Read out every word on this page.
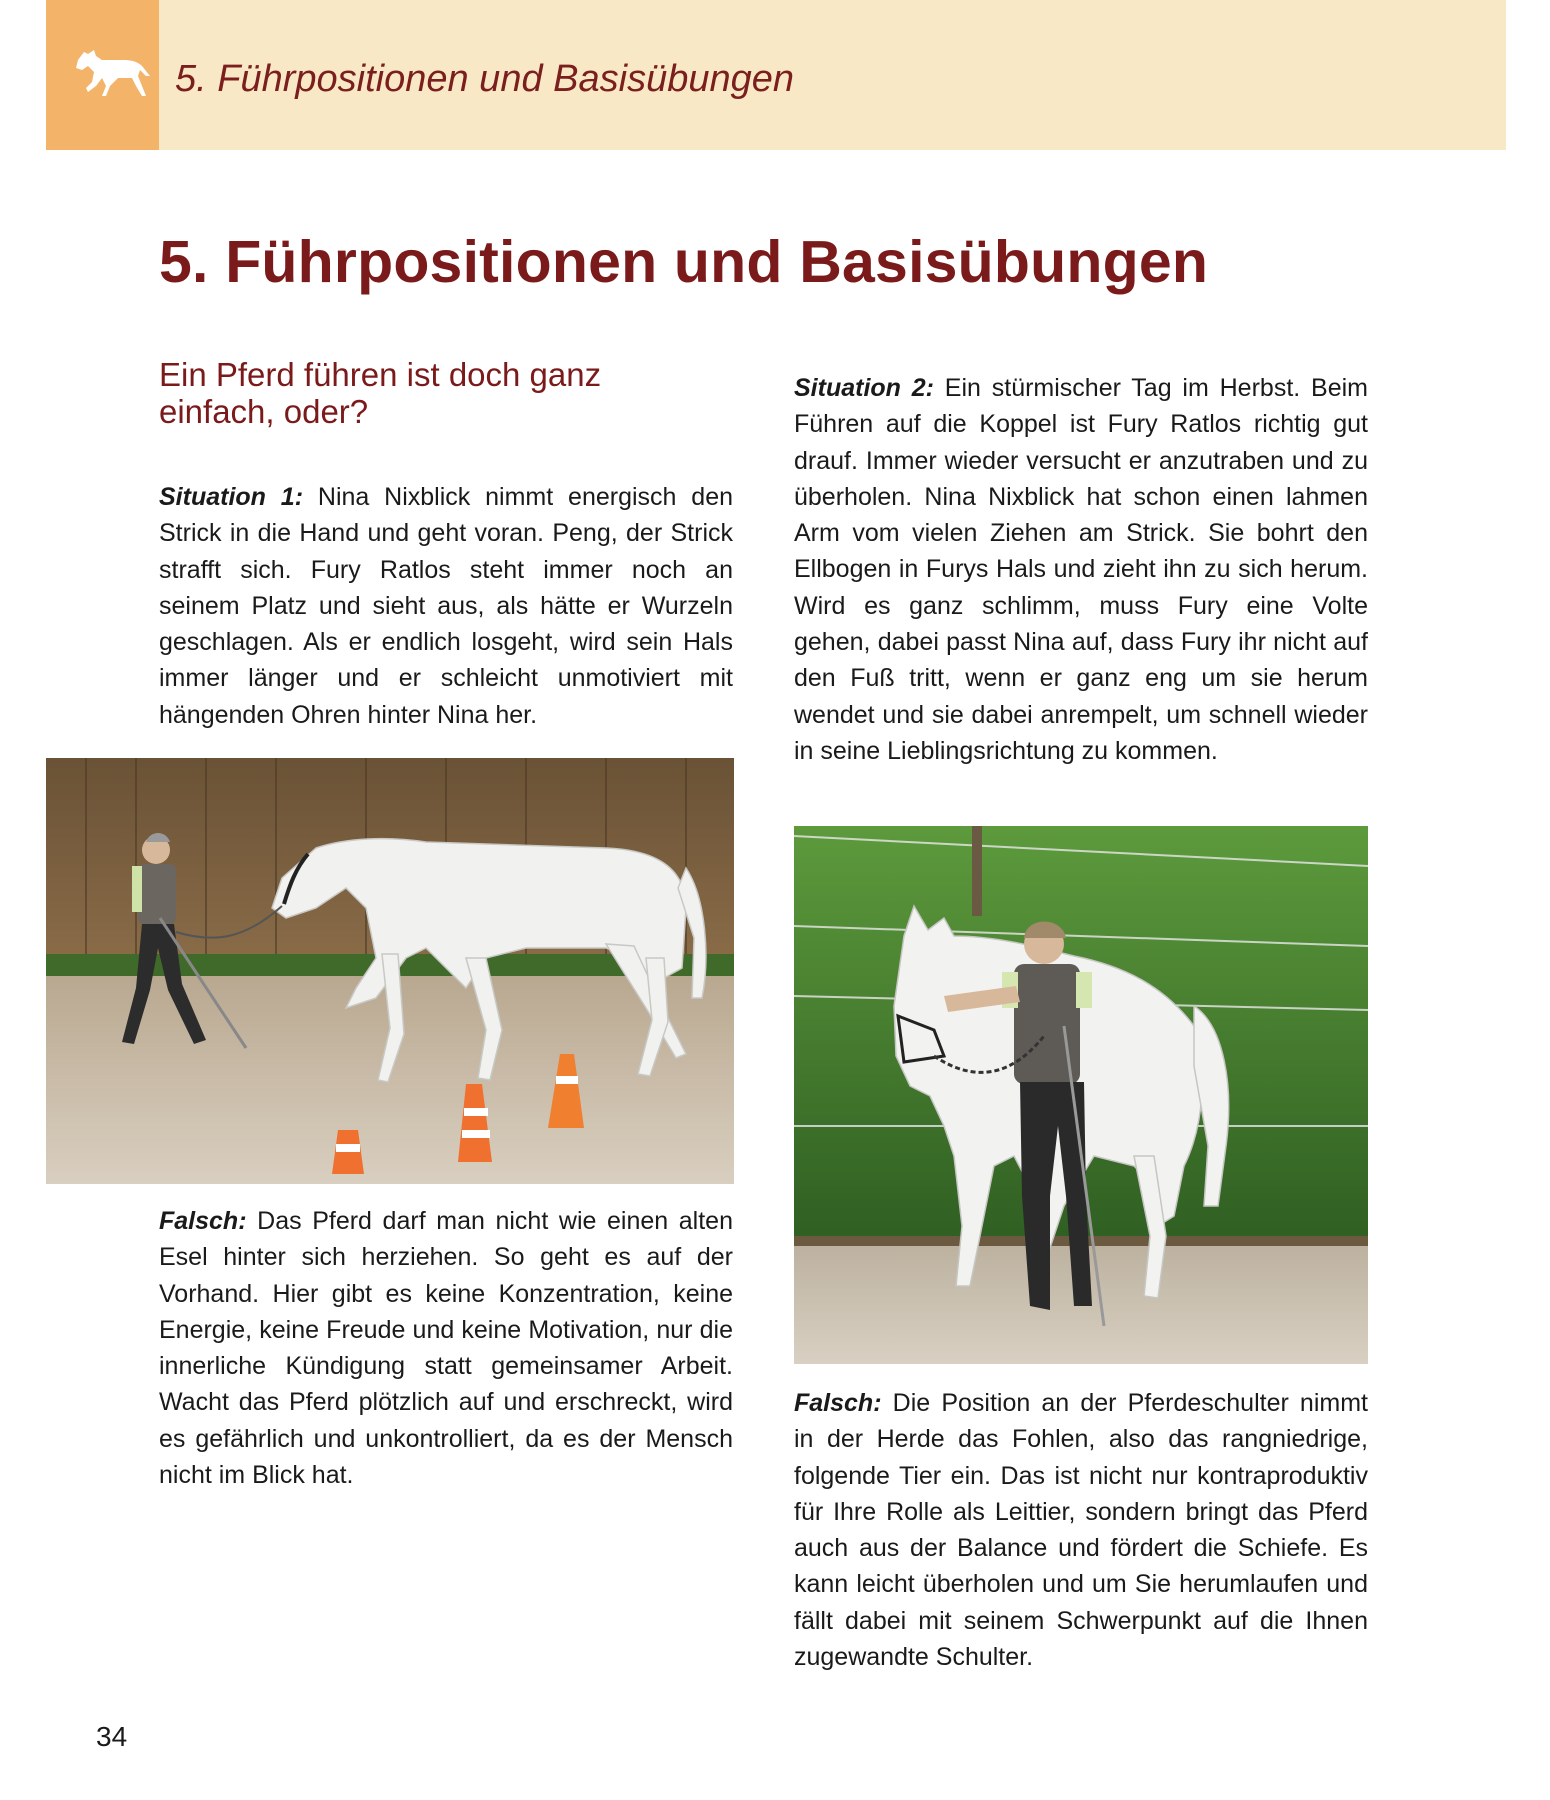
5. Führpositionen und Basisübungen
5. Führpositionen und Basisübungen
Ein Pferd führen ist doch ganz einfach, oder?
Situation 1: Nina Nixblick nimmt energisch den Strick in die Hand und geht voran. Peng, der Strick strafft sich. Fury Ratlos steht immer noch an seinem Platz und sieht aus, als hätte er Wurzeln geschlagen. Als er endlich losgeht, wird sein Hals immer länger und er schleicht unmotiviert mit hängenden Ohren hinter Nina her.
Falsch: Das Pferd darf man nicht wie einen alten Esel hinter sich herziehen. So geht es auf der Vorhand. Hier gibt es keine Konzentration, keine Energie, keine Freude und keine Motivation, nur die innerliche Kündigung statt gemeinsamer Arbeit. Wacht das Pferd plötzlich auf und erschreckt, wird es gefährlich und unkontrolliert, da es der Mensch nicht im Blick hat.
Situation 2: Ein stürmischer Tag im Herbst. Beim Führen auf die Koppel ist Fury Ratlos richtig gut drauf. Immer wieder versucht er anzutraben und zu überholen. Nina Nixblick hat schon einen lahmen Arm vom vielen Ziehen am Strick. Sie bohrt den Ellbogen in Furys Hals und zieht ihn zu sich herum. Wird es ganz schlimm, muss Fury eine Volte gehen, dabei passt Nina auf, dass Fury ihr nicht auf den Fuß tritt, wenn er ganz eng um sie herum wendet und sie dabei anrempelt, um schnell wieder in seine Lieblingsrichtung zu kommen.
Falsch: Die Position an der Pferdeschulter nimmt in der Herde das Fohlen, also das rangniedrige, folgende Tier ein. Das ist nicht nur kontraproduktiv für Ihre Rolle als Leittier, sondern bringt das Pferd auch aus der Balance und fördert die Schiefe. Es kann leicht überholen und um Sie herumlaufen und fällt dabei mit seinem Schwerpunkt auf die Ihnen zugewandte Schulter.
34
